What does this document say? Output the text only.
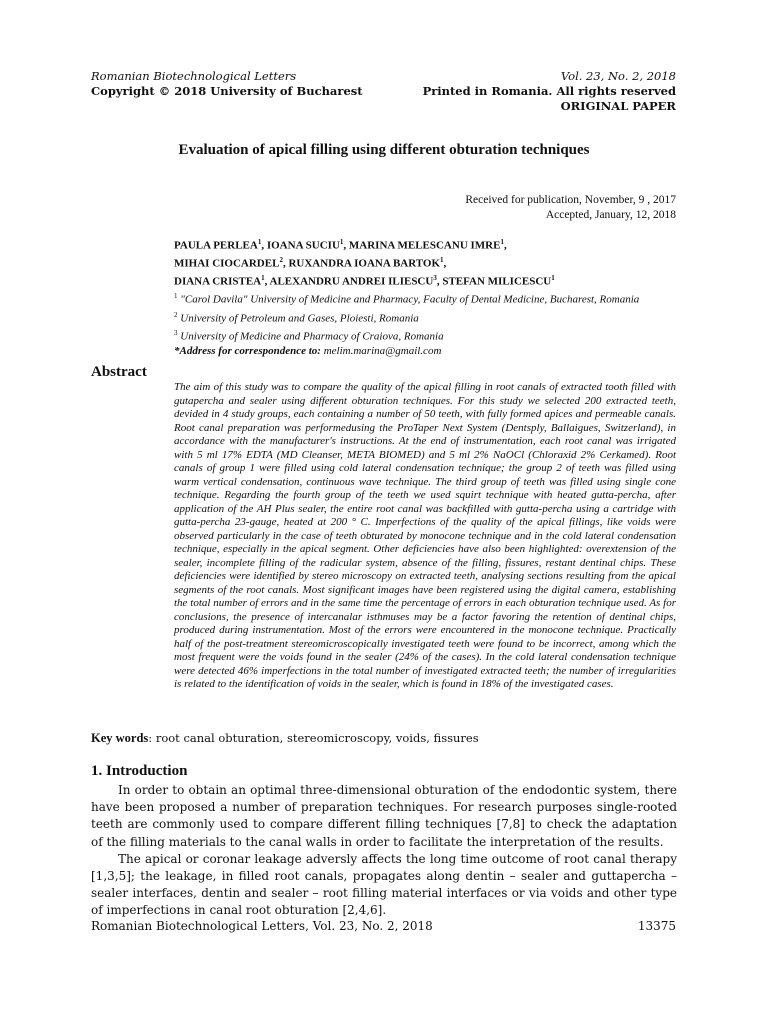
Romanian Biotechnological Letters
Copyright © 2018 University of Bucharest
Vol. 23, No. 2, 2018
Printed in Romania. All rights reserved
ORIGINAL PAPER
Evaluation of apical filling using different obturation techniques
Received for publication, November, 9 , 2017
Accepted, January, 12, 2018
PAULA PERLEA$^1$, IOANA SUCIU$^1$, MARINA MELESCANU IMRE$^1$,
MIHAI CIOCARDEL$^2$, RUXANDRA IOANA BARTOK$^1$,
DIANA CRISTEA$^1$, ALEXANDRU ANDREI ILIESCU$^3$, STEFAN MILICESCU$^1$
$^1$ "Carol Davila" University of Medicine and Pharmacy, Faculty of Dental Medicine, Bucharest, Romania
$^2$ University of Petroleum and Gases, Ploiesti, Romania
$^3$ University of Medicine and Pharmacy of Craiova, Romania
*Address for correspondence to: melim.marina@gmail.com
Abstract
The aim of this study was to compare the quality of the apical filling in root canals of extracted tooth filled with gutapercha and sealer using different obturation techniques. For this study we selected 200 extracted teeth, devided in 4 study groups, each containing a number of 50 teeth, with fully formed apices and permeable canals. Root canal preparation was performedusing the ProTaper Next System (Dentsply, Ballaigues, Switzerland), in accordance with the manufacturer's instructions. At the end of instrumentation, each root canal was irrigated with 5 ml 17% EDTA (MD Cleanser, META BIOMED) and 5 ml 2% NaOCl (Chloraxid 2% Cerkamed). Root canals of group 1 were filled using cold lateral condensation technique; the group 2 of teeth was filled using warm vertical condensation, continuous wave technique. The third group of teeth was filled using single cone technique. Regarding the fourth group of the teeth we used squirt technique with heated gutta-percha, after application of the AH Plus sealer, the entire root canal was backfilled with gutta-percha using a cartridge with gutta-percha 23-gauge, heated at 200 ° C. Imperfections of the quality of the apical fillings, like voids were observed particularly in the case of teeth obturated by monocone technique and in the cold lateral condensation technique, especially in the apical segment. Other deficiencies have also been highlighted: overextension of the sealer, incomplete filling of the radicular system, absence of the filling, fissures, restant dentinal chips. These deficiencies were identified by stereo microscopy on extracted teeth, analysing sections resulting from the apical segments of the root canals. Most significant images have been registered using the digital camera, establishing the total number of errors and in the same time the percentage of errors in each obturation technique used. As for conclusions, the presence of intercanalar isthmuses may be a factor favoring the retention of dentinal chips, produced during instrumentation. Most of the errors were encountered in the monocone technique. Practically half of the post-treatment stereomicroscopically investigated teeth were found to be incorrect, among which the most frequent were the voids found in the sealer (24% of the cases). In the cold lateral condensation technique were detected 46% imperfections in the total number of investigated extracted teeth; the number of irregularities is related to the identification of voids in the sealer, which is found in 18% of the investigated cases.
Key words: root canal obturation, stereomicroscopy, voids, fissures
1. Introduction

In order to obtain an optimal three-dimensional obturation of the endodontic system, there have been proposed a number of preparation techniques. For research purposes single-rooted teeth are commonly used to compare different filling techniques [7,8] to check the adaptation of the filling materials to the canal walls in order to facilitate the interpretation of the results.

The apical or coronar leakage adversly affects the long time outcome of root canal therapy [1,3,5]; the leakage, in filled root canals, propagates along dentin – sealer and guttapercha – sealer interfaces, dentin and sealer – root filling material interfaces or via voids and other type of imperfections in canal root obturation [2,4,6].

Romanian Biotechnological Letters, Vol. 23, No. 2, 2018	13375
